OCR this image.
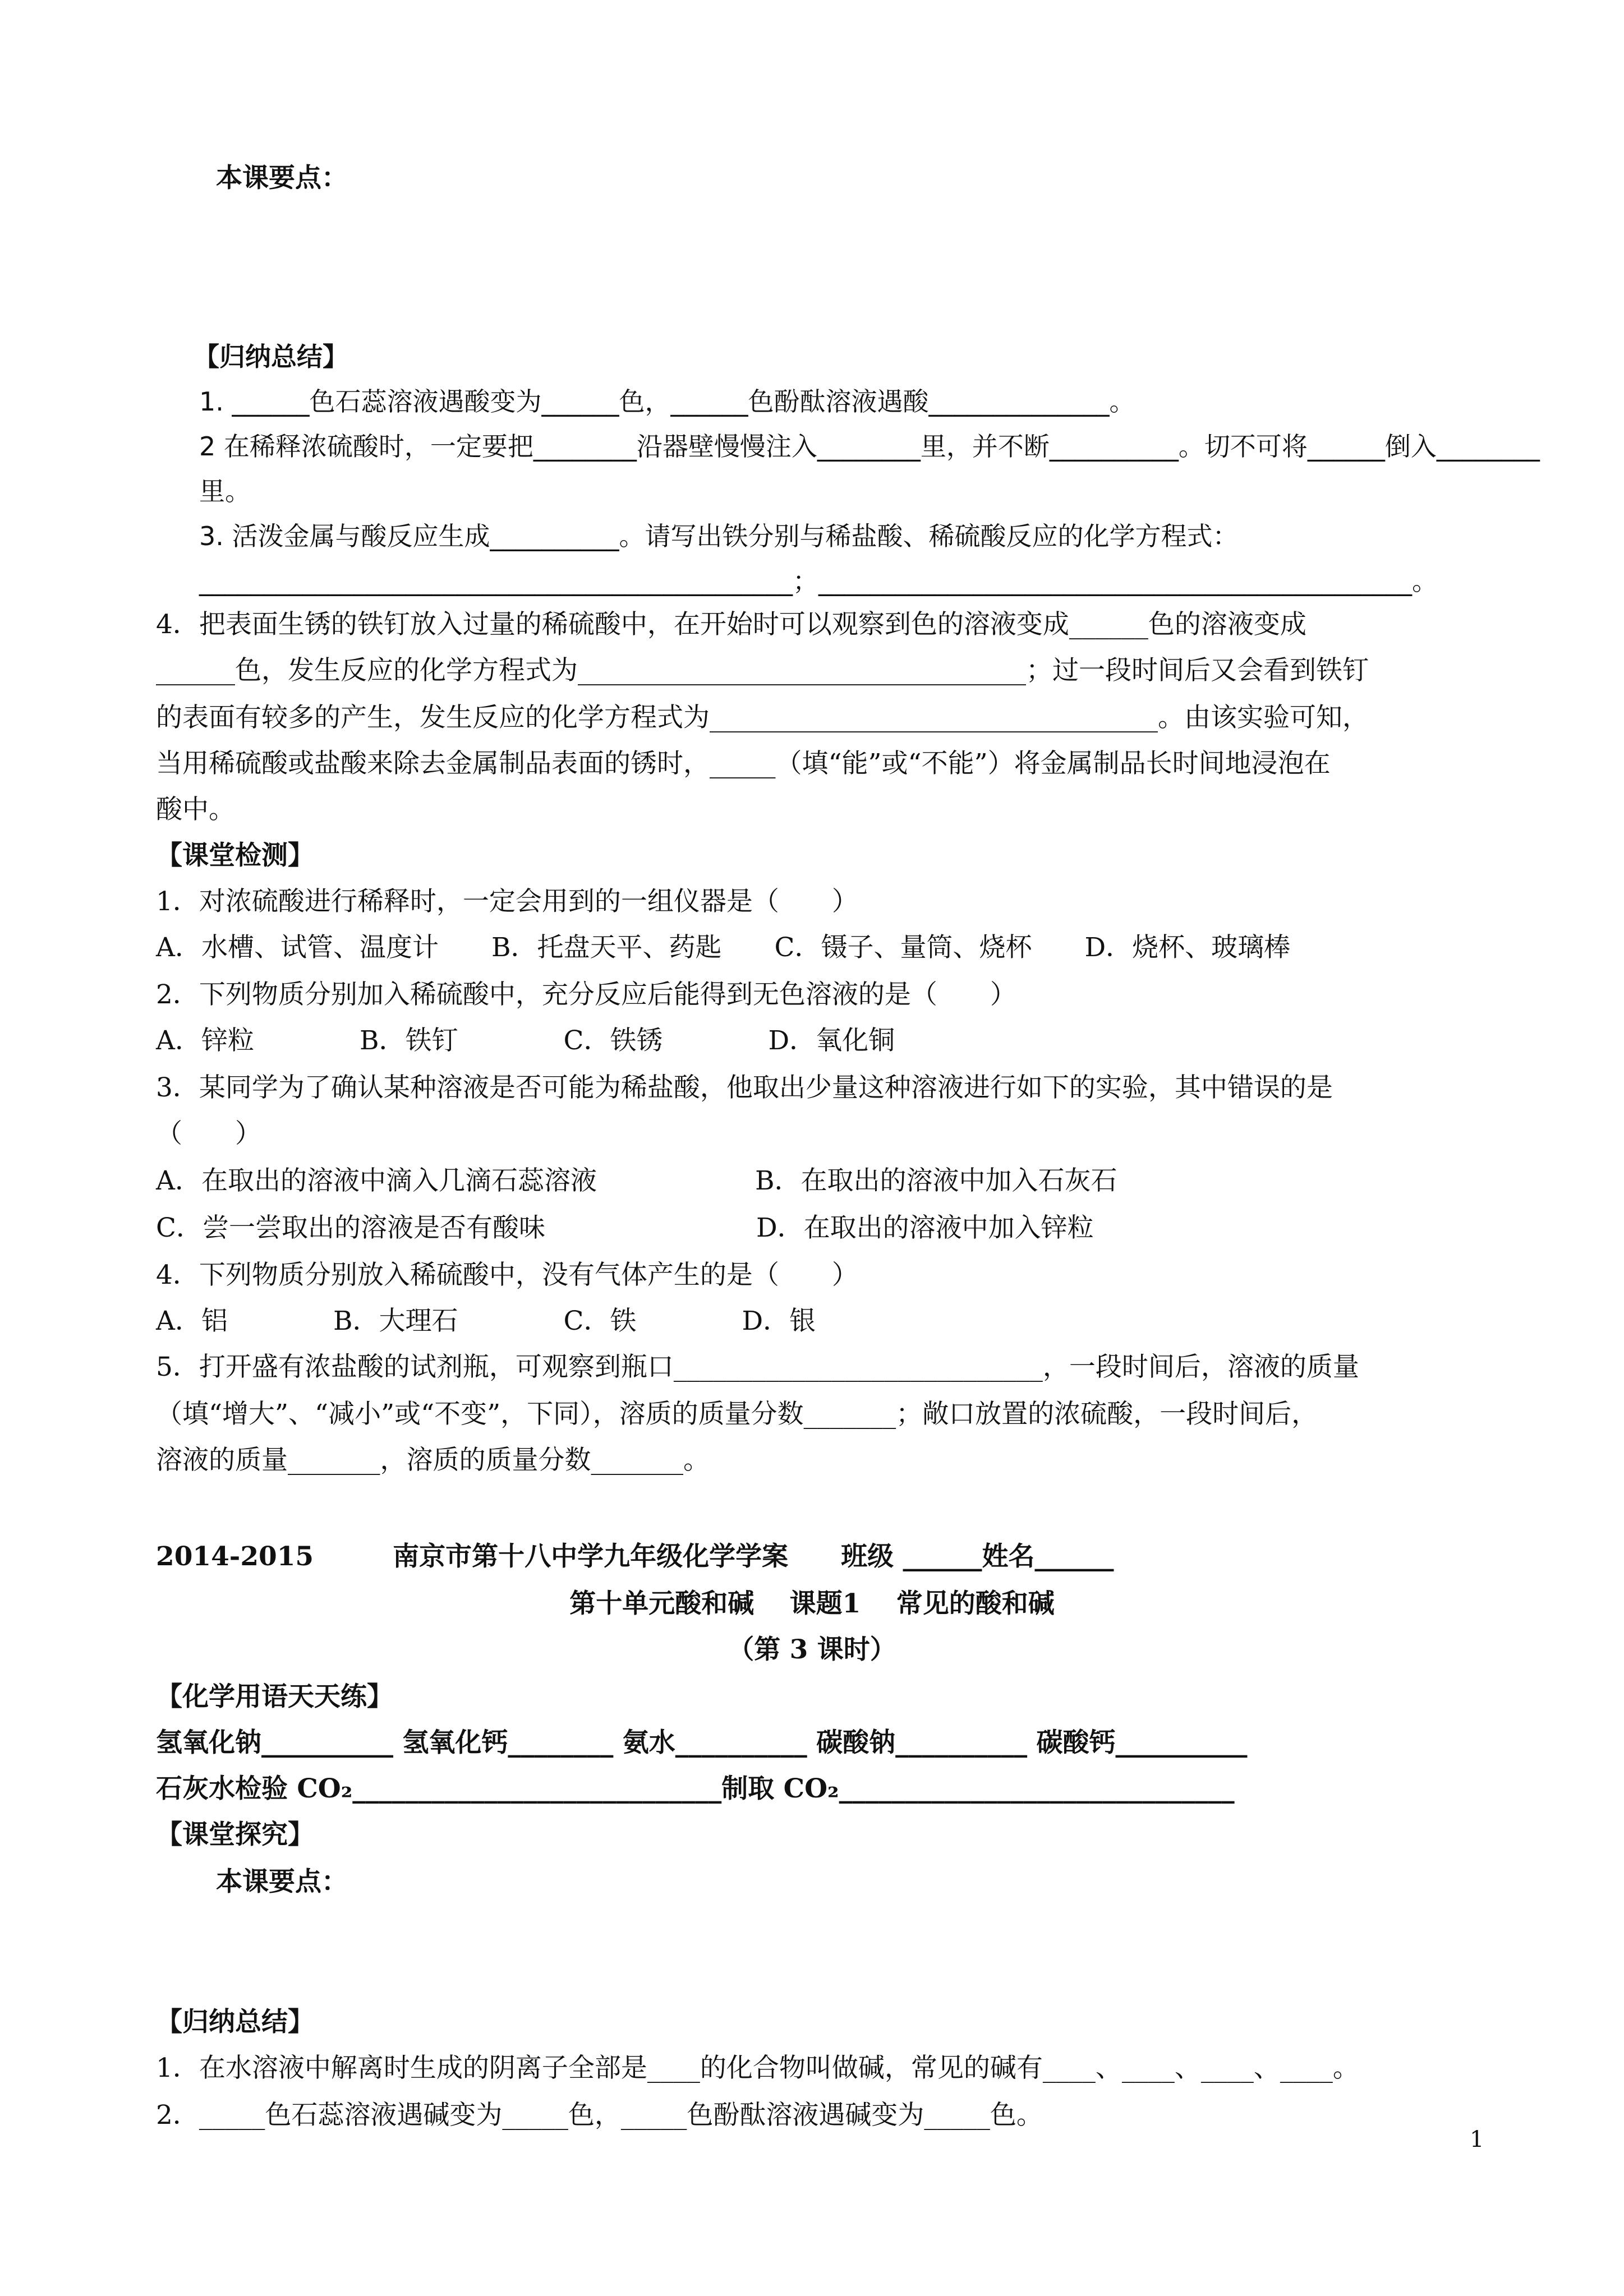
本课要点：
【归纳总结】
1. ______色石蕊溶液遇酸变为______色，______色酚酞溶液遇酸______________。
2 在稀释浓硫酸时，一定要把________沿器壁慢慢注入________里，并不断__________。切不可将______倒入________
里。
3. 活泼金属与酸反应生成__________。请写出铁分别与稀盐酸、稀硫酸反应的化学方程式：
______________________________________________；______________________________________________。
4．把表面生锈的铁钉放入过量的稀硫酸中，在开始时可以观察到色的溶液变成______色的溶液变成
______色，发生反应的化学方程式为__________________________________；过一段时间后又会看到铁钉
的表面有较多的产生，发生反应的化学方程式为__________________________________。由该实验可知，
当用稀硫酸或盐酸来除去金属制品表面的锈时，_____（填“能”或“不能”）将金属制品长时间地浸泡在
酸中。
【课堂检测】
1．对浓硫酸进行稀释时，一定会用到的一组仪器是（　　）
A．水槽、试管、温度计　　B．托盘天平、药匙　　C．镊子、量筒、烧杯　　D．烧杯、玻璃棒
2．下列物质分别加入稀硫酸中，充分反应后能得到无色溶液的是（　　）
A．锌粒　　　　B．铁钉　　　　C．铁锈　　　　D．氧化铜
3．某同学为了确认某种溶液是否可能为稀盐酸，他取出少量这种溶液进行如下的实验，其中错误的是
（　　）
A．在取出的溶液中滴入几滴石蕊溶液　　　　　　B．在取出的溶液中加入石灰石
C．尝一尝取出的溶液是否有酸味　　　　　　　　D．在取出的溶液中加入锌粒
4．下列物质分别放入稀硫酸中，没有气体产生的是（　　）
A．铝　　　　B．大理石　　　　C．铁　　　　D．银
5．打开盛有浓盐酸的试剂瓶，可观察到瓶口____________________________，一段时间后，溶液的质量
（填“增大”、“减小”或“不变”，下同），溶质的质量分数_______；敞口放置的浓硫酸，一段时间后，
溶液的质量_______，溶质的质量分数_______。
2014-2015　　　南京市第十八中学九年级化学学案　　班级 ______姓名______
第十单元酸和碱　 课题1　 常见的酸和碱
（第 3 课时）
【化学用语天天练】
氢氧化钠__________ 氢氧化钙________ 氨水__________ 碳酸钠__________ 碳酸钙__________
石灰水检验 CO₂____________________________制取 CO₂______________________________
【课堂探究】
本课要点：
【归纳总结】
1．在水溶液中解离时生成的阴离子全部是____的化合物叫做碱，常见的碱有____、____、____、____。
2．_____色石蕊溶液遇碱变为_____色，_____色酚酞溶液遇碱变为_____色。
1
